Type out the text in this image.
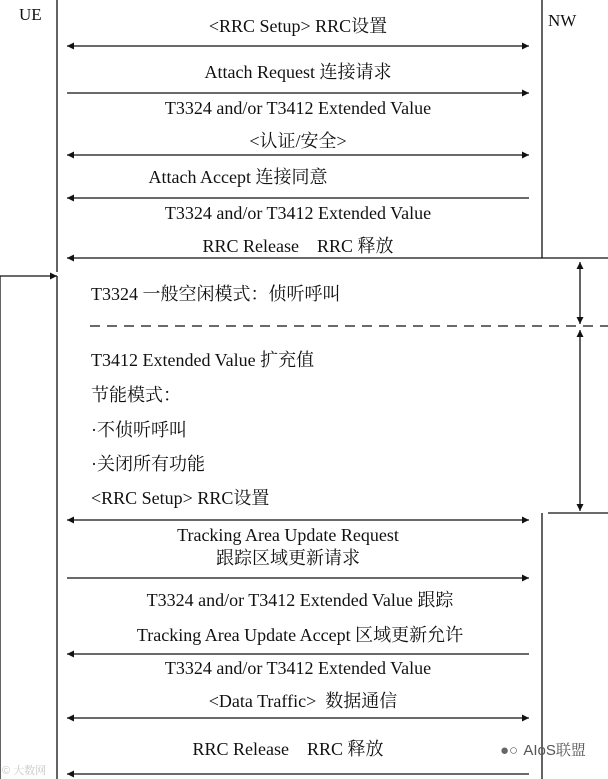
UE	NW
<RRC Setup> RRC设置
Attach Request 连接请求
T3324 and/or T3412 Extended Value
<认证/安全>
Attach Accept 连接同意
T3324 and/or T3412 Extended Value
RRC Release    RRC 释放
T3324 一般空闲模式：侦听呼叫
T3412 Extended Value 扩充值
节能模式：
·不侦听呼叫
·关闭所有功能
<RRC Setup> RRC设置
Tracking Area Update Request
跟踪区域更新请求
T3324 and/or T3412 Extended Value 跟踪
Tracking Area Update Accept 区域更新允许
T3324 and/or T3412 Extended Value
<Data Traffic>  数据通信
RRC Release    RRC 释放
© 大数网
●○ AIoS联盟
